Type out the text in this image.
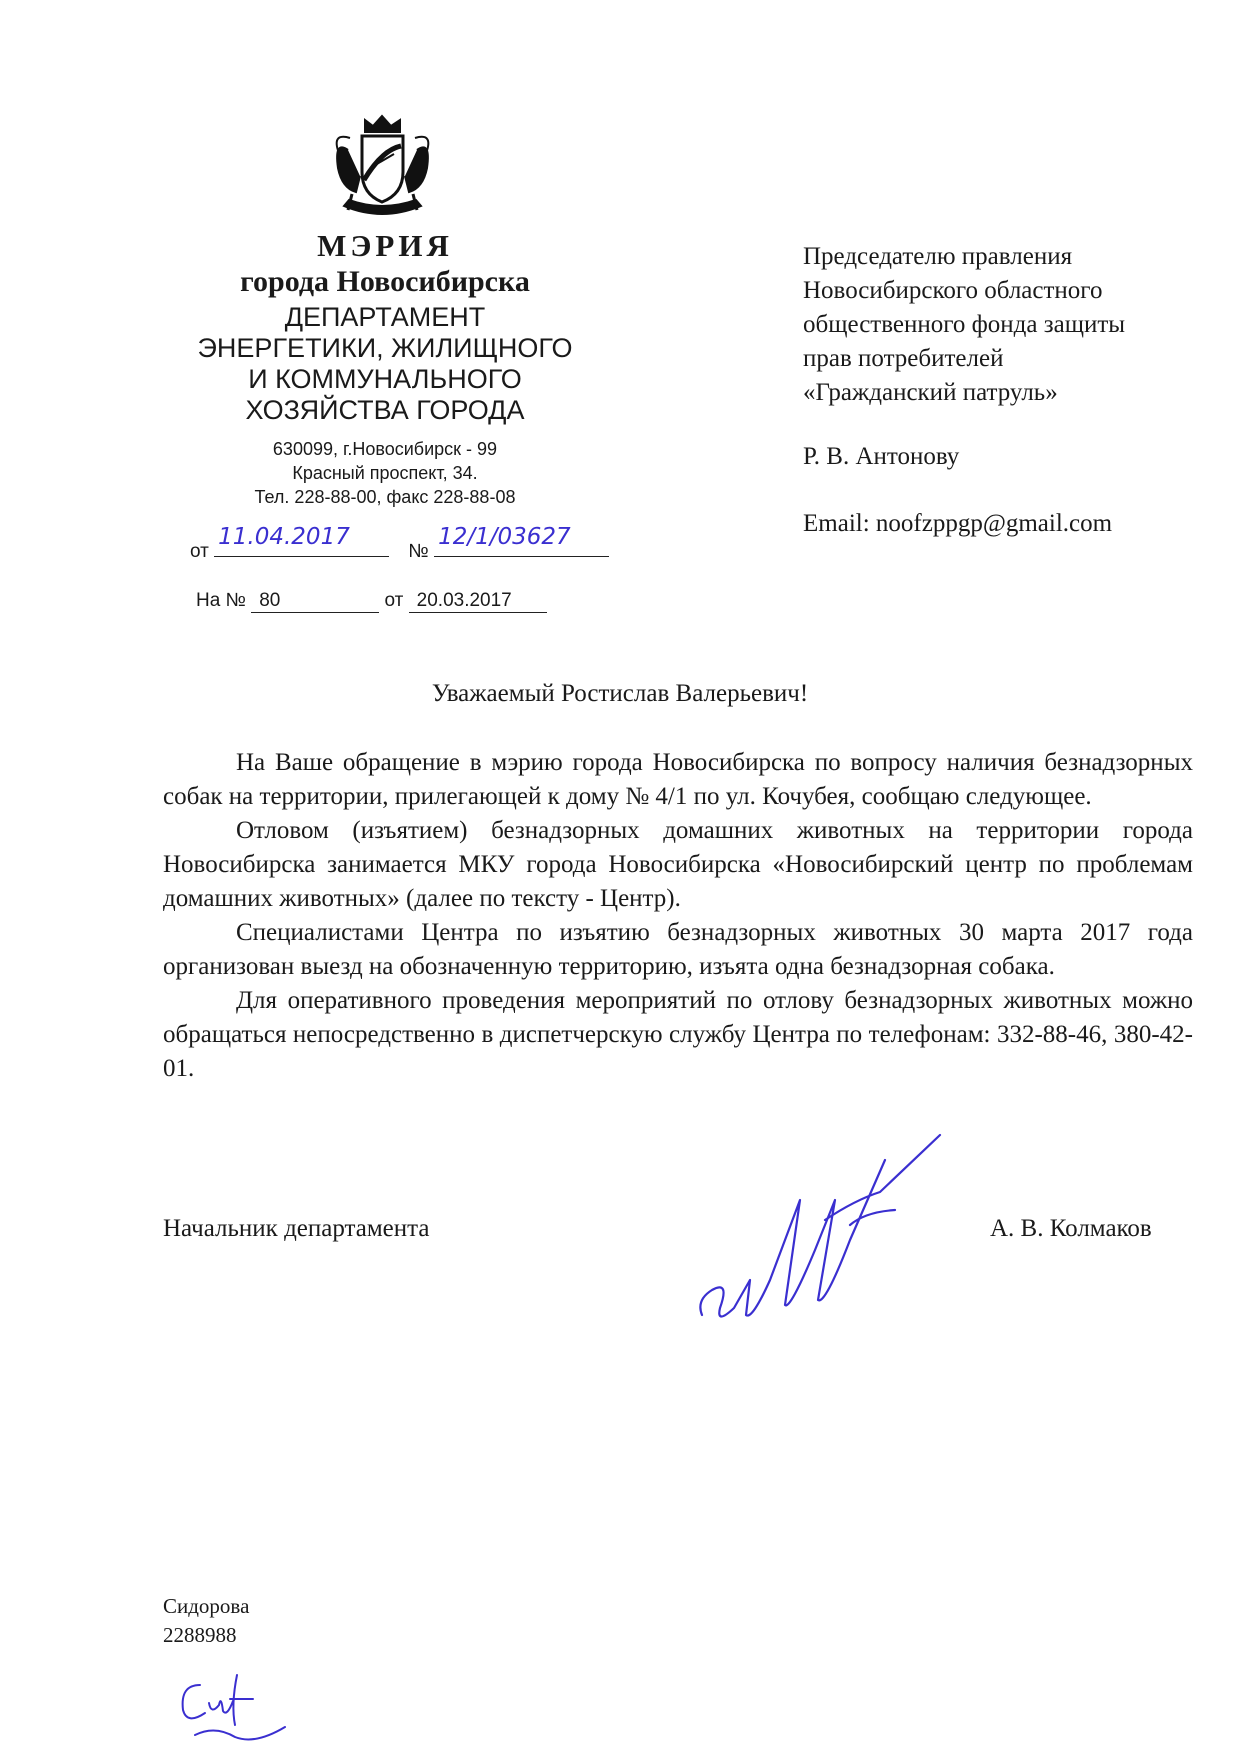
МЭРИЯ
города Новосибирска
ДЕПАРТАМЕНТ
ЭНЕРГЕТИКИ, ЖИЛИЩНОГО
И КОММУНАЛЬНОГО
ХОЗЯЙСТВА ГОРОДА
630099, г.Новосибирск - 99
Красный проспект, 34.
Тел. 228-88-00, факс 228-88-08
от
11.04.2017
№
12/1/03627
На № 80	от 20.03.2017
Председателю правления
Новосибирского областного
общественного фонда защиты
прав потребителей
«Гражданский патруль»
Р. В. Антонову
Email: noofzppgp@gmail.com
Уважаемый Ростислав Валерьевич!

На Ваше обращение в мэрию города Новосибирска по вопросу наличия безнадзорных собак на территории, прилегающей к дому № 4/1 по ул. Кочубея, сообщаю следующее.

Отловом (изъятием) безнадзорных домашних животных на территории города Новосибирска занимается МКУ города Новосибирска «Новосибирский центр по проблемам домашних животных» (далее по тексту - Центр).

Специалистами Центра по изъятию безнадзорных животных 30 марта 2017 года организован выезд на обозначенную территорию, изъята одна безнадзорная собака.

Для оперативного проведения мероприятий по отлову безнадзорных животных можно обращаться непосредственно в диспетчерскую службу Центра по телефонам: 332-88-46, 380-42-01.

Начальник департамента	А. В. Колмаков
Сидорова
2288988
